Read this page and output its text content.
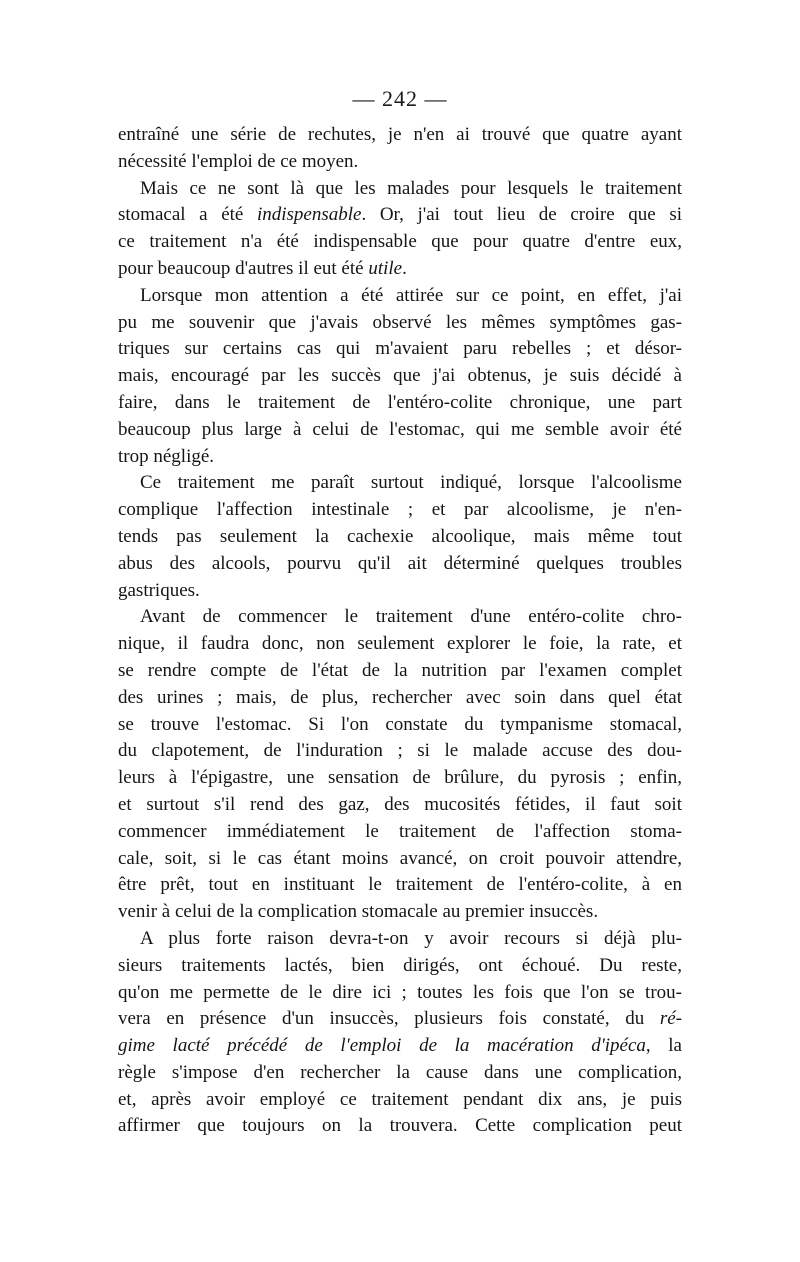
— 242 —
entraîné une série de rechutes, je n'en ai trouvé que quatre ayant
nécessité l'emploi de ce moyen.
Mais ce ne sont là que les malades pour lesquels le traitement
stomacal a été indispensable. Or, j'ai tout lieu de croire que si
ce traitement n'a été indispensable que pour quatre d'entre eux,
pour beaucoup d'autres il eut été utile.
Lorsque mon attention a été attirée sur ce point, en effet, j'ai
pu me souvenir que j'avais observé les mêmes symptômes gas-
triques sur certains cas qui m'avaient paru rebelles ; et désor-
mais, encouragé par les succès que j'ai obtenus, je suis décidé à
faire, dans le traitement de l'entéro-colite chronique, une part
beaucoup plus large à celui de l'estomac, qui me semble avoir été
trop négligé.
Ce traitement me paraît surtout indiqué, lorsque l'alcoolisme
complique l'affection intestinale ; et par alcoolisme, je n'en-
tends pas seulement la cachexie alcoolique, mais même tout
abus des alcools, pourvu qu'il ait déterminé quelques troubles
gastriques.
Avant de commencer le traitement d'une entéro-colite chro-
nique, il faudra donc, non seulement explorer le foie, la rate, et
se rendre compte de l'état de la nutrition par l'examen complet
des urines ; mais, de plus, rechercher avec soin dans quel état
se trouve l'estomac. Si l'on constate du tympanisme stomacal,
du clapotement, de l'induration ; si le malade accuse des dou-
leurs à l'épigastre, une sensation de brûlure, du pyrosis ; enfin,
et surtout s'il rend des gaz, des mucosités fétides, il faut soit
commencer immédiatement le traitement de l'affection stoma-
cale, soit, si le cas étant moins avancé, on croit pouvoir attendre,
être prêt, tout en instituant le traitement de l'entéro-colite, à en
venir à celui de la complication stomacale au premier insuccès.
A plus forte raison devra-t-on y avoir recours si déjà plu-
sieurs traitements lactés, bien dirigés, ont échoué. Du reste,
qu'on me permette de le dire ici ; toutes les fois que l'on se trou-
vera en présence d'un insuccès, plusieurs fois constaté, du ré-
gime lacté précédé de l'emploi de la macération d'ipéca, la
règle s'impose d'en rechercher la cause dans une complication,
et, après avoir employé ce traitement pendant dix ans, je puis
affirmer que toujours on la trouvera. Cette complication peut
